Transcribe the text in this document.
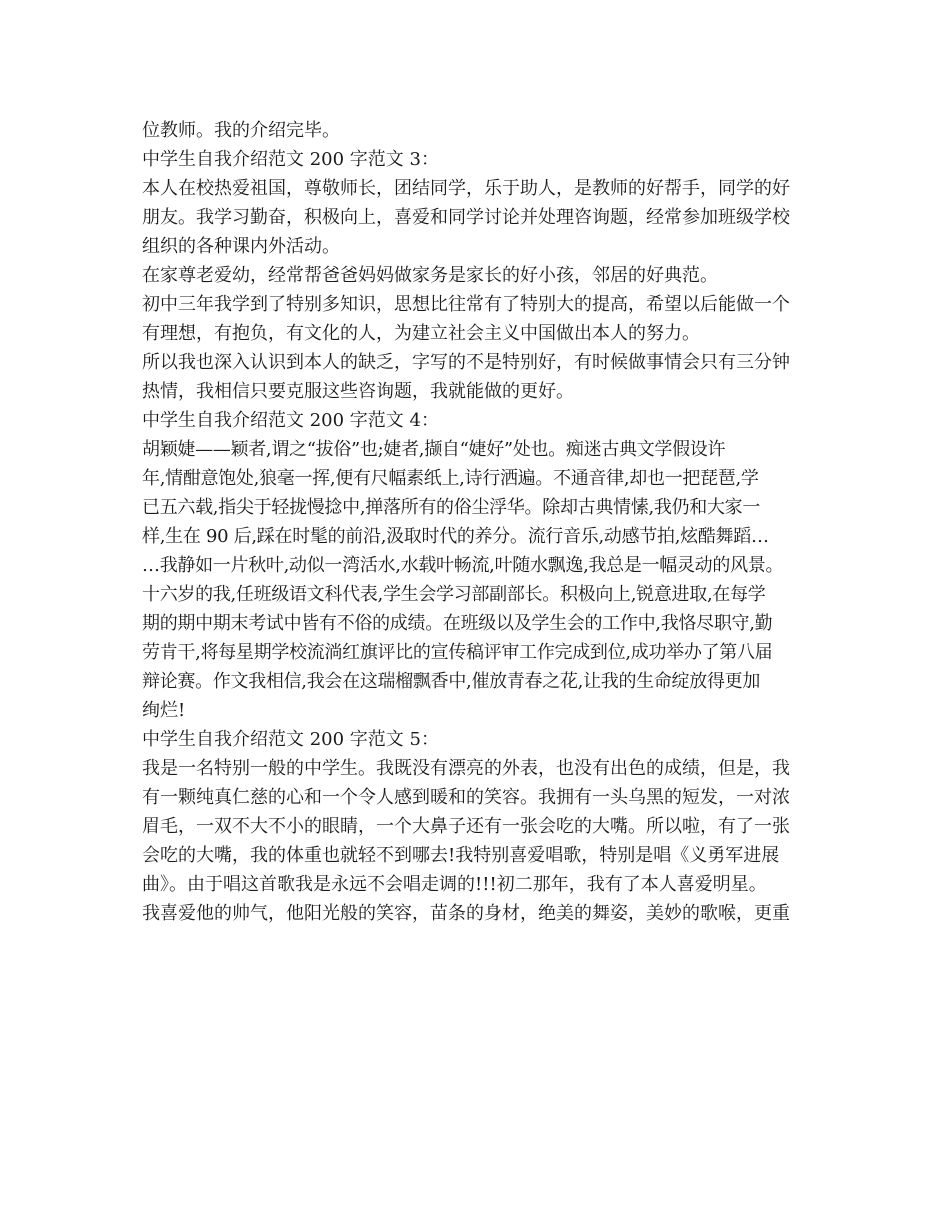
位教师。我的介绍完毕。
中学生自我介绍范文 200 字范文 3：
本人在校热爱祖国，尊敬师长，团结同学，乐于助人，是教师的好帮手，同学的好
朋友。我学习勤奋，积极向上，喜爱和同学讨论并处理咨询题，经常参加班级学校
组织的各种课内外活动。
在家尊老爱幼，经常帮爸爸妈妈做家务是家长的好小孩，邻居的好典范。
初中三年我学到了特别多知识，思想比往常有了特别大的提高，希望以后能做一个
有理想，有抱负，有文化的人，为建立社会主义中国做出本人的努力。
所以我也深入认识到本人的缺乏，字写的不是特别好，有时候做事情会只有三分钟
热情，我相信只要克服这些咨询题，我就能做的更好。
中学生自我介绍范文 200 字范文 4：
胡颖婕——颖者,谓之“拔俗”也;婕者,撷自“婕好”处也。痴迷古典文学假设许
年,情酣意饱处,狼毫一挥,便有尺幅素纸上,诗行洒遍。不通音律,却也一把琵琶,学
已五六载,指尖于轻拢慢捻中,掸落所有的俗尘浮华。除却古典情愫,我仍和大家一
样,生在 90 后,踩在时髦的前沿,汲取时代的养分。流行音乐,动感节拍,炫酷舞蹈…
…我静如一片秋叶,动似一湾活水,水载叶畅流,叶随水飘逸,我总是一幅灵动的风景。
十六岁的我,任班级语文科代表,学生会学习部副部长。积极向上,锐意进取,在每学
期的期中期末考试中皆有不俗的成绩。在班级以及学生会的工作中,我恪尽职守,勤
劳肯干,将每星期学校流淌红旗评比的宣传稿评审工作完成到位,成功举办了第八届
辩论赛。作文我相信,我会在这瑞榴飘香中,催放青春之花,让我的生命绽放得更加
绚烂!
中学生自我介绍范文 200 字范文 5：
我是一名特别一般的中学生。我既没有漂亮的外表，也没有出色的成绩，但是，我
有一颗纯真仁慈的心和一个令人感到暖和的笑容。我拥有一头乌黑的短发，一对浓
眉毛，一双不大不小的眼睛，一个大鼻子还有一张会吃的大嘴。所以啦，有了一张
会吃的大嘴，我的体重也就轻不到哪去!我特别喜爱唱歌，特别是唱《义勇军进展
曲》。由于唱这首歌我是永远不会唱走调的!!!初二那年，我有了本人喜爱明星。
我喜爱他的帅气，他阳光般的笑容，苗条的身材，绝美的舞姿，美妙的歌喉，更重
